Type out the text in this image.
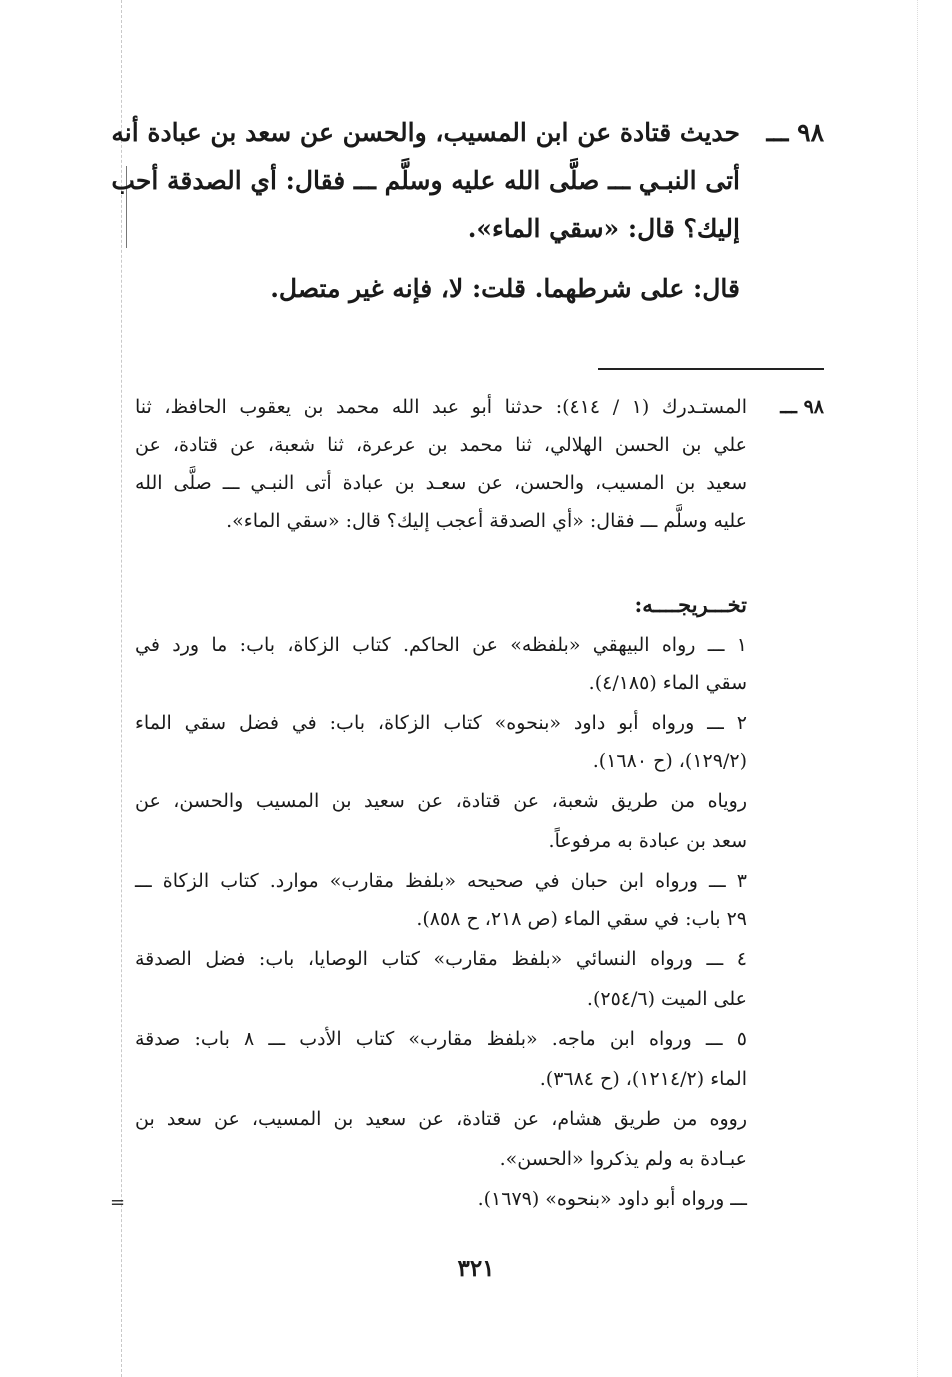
=
٩٨ ـــ
حديث قتادة عن ابن المسيب، والحسن عن سعد بن عبادة أنه
أتى النبـي ـــ صلَّى الله عليه وسلَّم ـــ فقال: أي الصدقة أحب
إليك؟ قال: «سقي الماء».
قال: على شرطهما. قلت: لا، فإنه غير متصل.
٩٨ ـــ
المستـدرك (١ / ٤١٤): حدثنا أبو عبد الله محمد بن يعقوب الحافظ، ثنا
علي بن الحسن الهلالي، ثنا محمد بن عرعرة، ثنا شعبة، عن قتادة، عن
سعيد بن المسيب، والحسن، عن سعـد بن عبادة أتى النبـي ـــ صلَّى الله
عليه وسلَّم ـــ فقال: «أي الصدقة أعجب إليك؟ قال: «سقي الماء».
تخـــريجــــه:
١ ـــ رواه البيهقي «بلفظه» عن الحاكم. كتاب الزكاة، باب: ما ورد في
سقي الماء (٤/١٨٥).
٢ ـــ ورواه أبو داود «بنحوه» كتاب الزكاة، باب: في فضل سقي الماء
(١٢٩/٢)، (ح ١٦٨٠).
روياه من طريق شعبة، عن قتادة، عن سعيد بن المسيب والحسن، عن
سعد بن عبادة به مرفوعاً.
٣ ـــ ورواه ابن حبان في صحيحه «بلفظ مقارب» موارد. كتاب الزكاة ـــ
٢٩ باب: في سقي الماء (ص ٢١٨، ح ٨٥٨).
٤ ـــ ورواه النسائي «بلفظ مقارب» كتاب الوصايا، باب: فضل الصدقة
على الميت (٢٥٤/٦).
٥ ـــ ورواه ابن ماجه. «بلفظ مقارب» كتاب الأدب ـــ ٨ باب: صدقة
الماء (١٢١٤/٢)، (ح ٣٦٨٤).
رووه من طريق هشام، عن قتادة، عن سعيد بن المسيب، عن سعد بن
عبـادة به ولم يذكروا «الحسن».
ـــ ورواه أبو داود «بنحوه» (١٦٧٩).
٣٢١
